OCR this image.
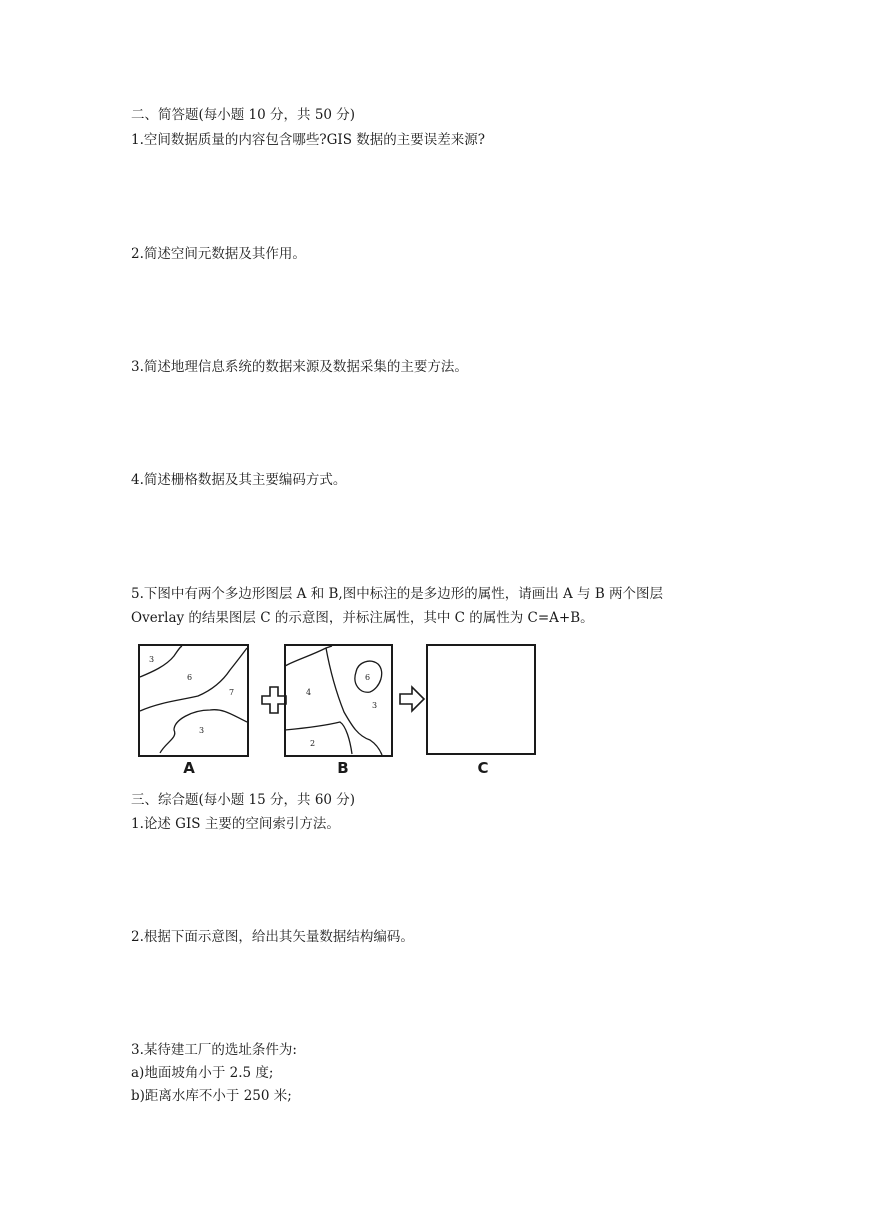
二、简答题(每小题 10 分，共 50 分)
1.空间数据质量的内容包含哪些?GIS 数据的主要误差来源?
2.简述空间元数据及其作用。
3.简述地理信息系统的数据来源及数据采集的主要方法。
4.简述栅格数据及其主要编码方式。
5.下图中有两个多边形图层 A 和 B,图中标注的是多边形的属性，请画出 A 与 B 两个图层
Overlay 的结果图层 C 的示意图，并标注属性，其中 C 的属性为 C=A+B。
3
6
7
3
4
6
3
2
A	B	C
三、综合题(每小题 15 分，共 60 分)
1.论述 GIS 主要的空间索引方法。
2.根据下面示意图，给出其矢量数据结构编码。
3.某待建工厂的选址条件为:
a)地面坡角小于 2.5 度;
b)距离水库不小于 250 米;
